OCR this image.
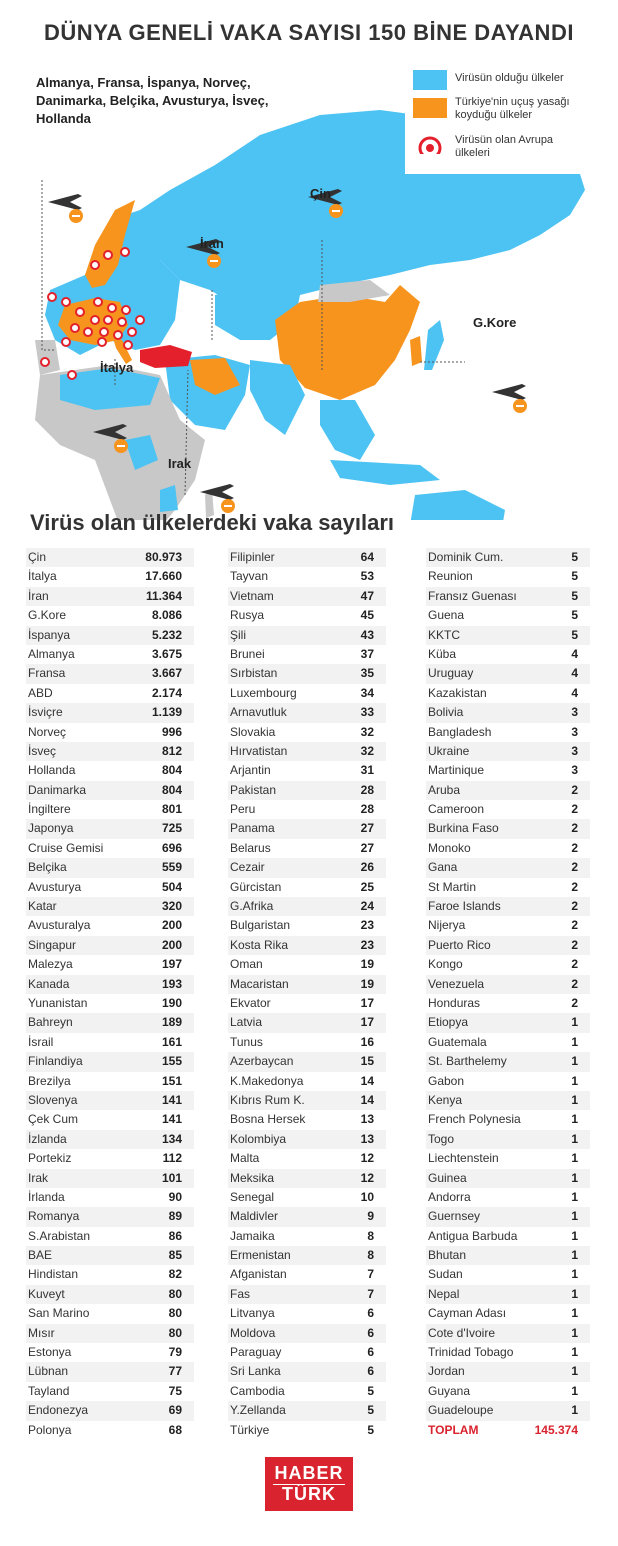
DÜNYA GENELİ VAKA SAYISI 150 BİNE DAYANDI
Almanya, Fransa, İspanya, Norveç, Danimarka, Belçika, Avusturya, İsveç, Hollanda
Virüsün olduğu ülkeler
Türkiye'nin uçuş yasağı koyduğu ülkeler
Virüsün olan Avrupa ülkeleri
Çin
İran
G.Kore
İtalya
Irak
Virüs olan ülkelerdeki vaka sayıları
Çin	80.973
İtalya	17.660
İran	11.364
G.Kore	8.086
İspanya	5.232
Almanya	3.675
Fransa	3.667
ABD	2.174
İsviçre	1.139
Norveç	996
İsveç	812
Hollanda	804
Danimarka	804
İngiltere	801
Japonya	725
Cruise Gemisi	696
Belçika	559
Avusturya	504
Katar	320
Avusturalya	200
Singapur	200
Malezya	197
Kanada	193
Yunanistan	190
Bahreyn	189
İsrail	161
Finlandiya	155
Brezilya	151
Slovenya	141
Çek Cum	141
İzlanda	134
Portekiz	112
Irak	101
İrlanda	90
Romanya	89
S.Arabistan	86
BAE	85
Hindistan	82
Kuveyt	80
San Marino	80
Mısır	80
Estonya	79
Lübnan	77
Tayland	75
Endonezya	69
Polonya	68
Filipinler	64
Tayvan	53
Vietnam	47
Rusya	45
Şili	43
Brunei	37
Sırbistan	35
Luxembourg	34
Arnavutluk	33
Slovakia	32
Hırvatistan	32
Arjantin	31
Pakistan	28
Peru	28
Panama	27
Belarus	27
Cezair	26
Gürcistan	25
G.Afrika	24
Bulgaristan	23
Kosta Rika	23
Oman	19
Macaristan	19
Ekvator	17
Latvia	17
Tunus	16
Azerbaycan	15
K.Makedonya	14
Kıbrıs Rum K.	14
Bosna Hersek	13
Kolombiya	13
Malta	12
Meksika	12
Senegal	10
Maldivler	9
Jamaika	8
Ermenistan	8
Afganistan	7
Fas	7
Litvanya	6
Moldova	6
Paraguay	6
Sri Lanka	6
Cambodia	5
Y.Zellanda	5
Türkiye	5
Dominik Cum.	5
Reunion	5
Fransız Guenası	5
Guena	5
KKTC	5
Küba	4
Uruguay	4
Kazakistan	4
Bolivia	3
Bangladesh	3
Ukraine	3
Martinique	3
Aruba	2
Cameroon	2
Burkina Faso	2
Monoko	2
Gana	2
St Martin	2
Faroe Islands	2
Nijerya	2
Puerto Rico	2
Kongo	2
Venezuela	2
Honduras	2
Etiopya	1
Guatemala	1
St. Barthelemy	1
Gabon	1
Kenya	1
French Polynesia	1
Togo	1
Liechtenstein	1
Guinea	1
Andorra	1
Guernsey	1
Antigua Barbuda	1
Bhutan	1
Sudan	1
Nepal	1
Cayman Adası	1
Cote d'Ivoire	1
Trinidad Tobago	1
Jordan	1
Guyana	1
Guadeloupe	1
TOPLAM	145.374
HABER
TÜRK
